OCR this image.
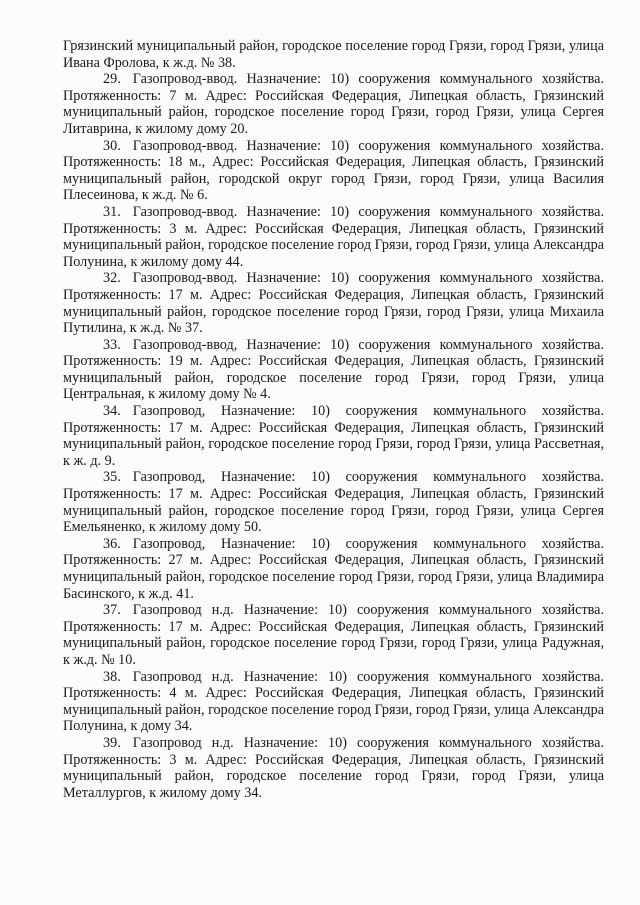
Грязинский муниципальный район, городское поселение город Грязи, город Грязи, улица Ивана Фролова, к ж.д. № 38.

29. Газопровод-ввод. Назначение: 10) сооружения коммунального хозяйства. Протяженность: 7 м. Адрес: Российская Федерация, Липецкая область, Грязинский муниципальный район, городское поселение город Грязи, город Грязи, улица Сергея Литаврина, к жилому дому 20.

30. Газопровод-ввод. Назначение: 10) сооружения коммунального хозяйства. Протяженность: 18 м., Адрес: Российская Федерация, Липецкая область, Грязинский муниципальный район, городской округ город Грязи, город Грязи, улица Василия Плесеинова, к ж.д. № 6.

31. Газопровод-ввод. Назначение: 10) сооружения коммунального хозяйства. Протяженность: 3 м. Адрес: Российская Федерация, Липецкая область, Грязинский муниципальный район, городское поселение город Грязи, город Грязи, улица Александра Полунина, к жилому дому 44.

32. Газопровод-ввод. Назначение: 10) сооружения коммунального хозяйства. Протяженность: 17 м. Адрес: Российская Федерация, Липецкая область, Грязинский муниципальный район, городское поселение город Грязи, город Грязи, улица Михаила Путилина, к ж.д. № 37.

33. Газопровод-ввод, Назначение: 10) сооружения коммунального хозяйства. Протяженность: 19 м. Адрес: Российская Федерация, Липецкая область, Грязинский муниципальный район, городское поселение город Грязи, город Грязи, улица Центральная, к жилому дому № 4.

34. Газопровод, Назначение: 10) сооружения коммунального хозяйства. Протяженность: 17 м. Адрес: Российская Федерация, Липецкая область, Грязинский муниципальный район, городское поселение город Грязи, город Грязи, улица Рассветная, к ж. д. 9.

35. Газопровод, Назначение: 10) сооружения коммунального хозяйства. Протяженность: 17 м. Адрес: Российская Федерация, Липецкая область, Грязинский муниципальный район, городское поселение город Грязи, город Грязи, улица Сергея Емельяненко, к жилому дому 50.

36. Газопровод, Назначение: 10) сооружения коммунального хозяйства. Протяженность: 27 м. Адрес: Российская Федерация, Липецкая область, Грязинский муниципальный район, городское поселение город Грязи, город Грязи, улица Владимира Басинского, к ж.д. 41.

37. Газопровод н.д. Назначение: 10) сооружения коммунального хозяйства. Протяженность: 17 м. Адрес: Российская Федерация, Липецкая область, Грязинский муниципальный район, городское поселение город Грязи, город Грязи, улица Радужная, к ж.д. № 10.

38. Газопровод н.д. Назначение: 10) сооружения коммунального хозяйства. Протяженность: 4 м. Адрес: Российская Федерация, Липецкая область, Грязинский муниципальный район, городское поселение город Грязи, город Грязи, улица Александра Полунина, к дому 34.

39. Газопровод н.д. Назначение: 10) сооружения коммунального хозяйства. Протяженность: 3 м. Адрес: Российская Федерация, Липецкая область, Грязинский муниципальный район, городское поселение город Грязи, город Грязи, улица Металлургов, к жилому дому 34.
